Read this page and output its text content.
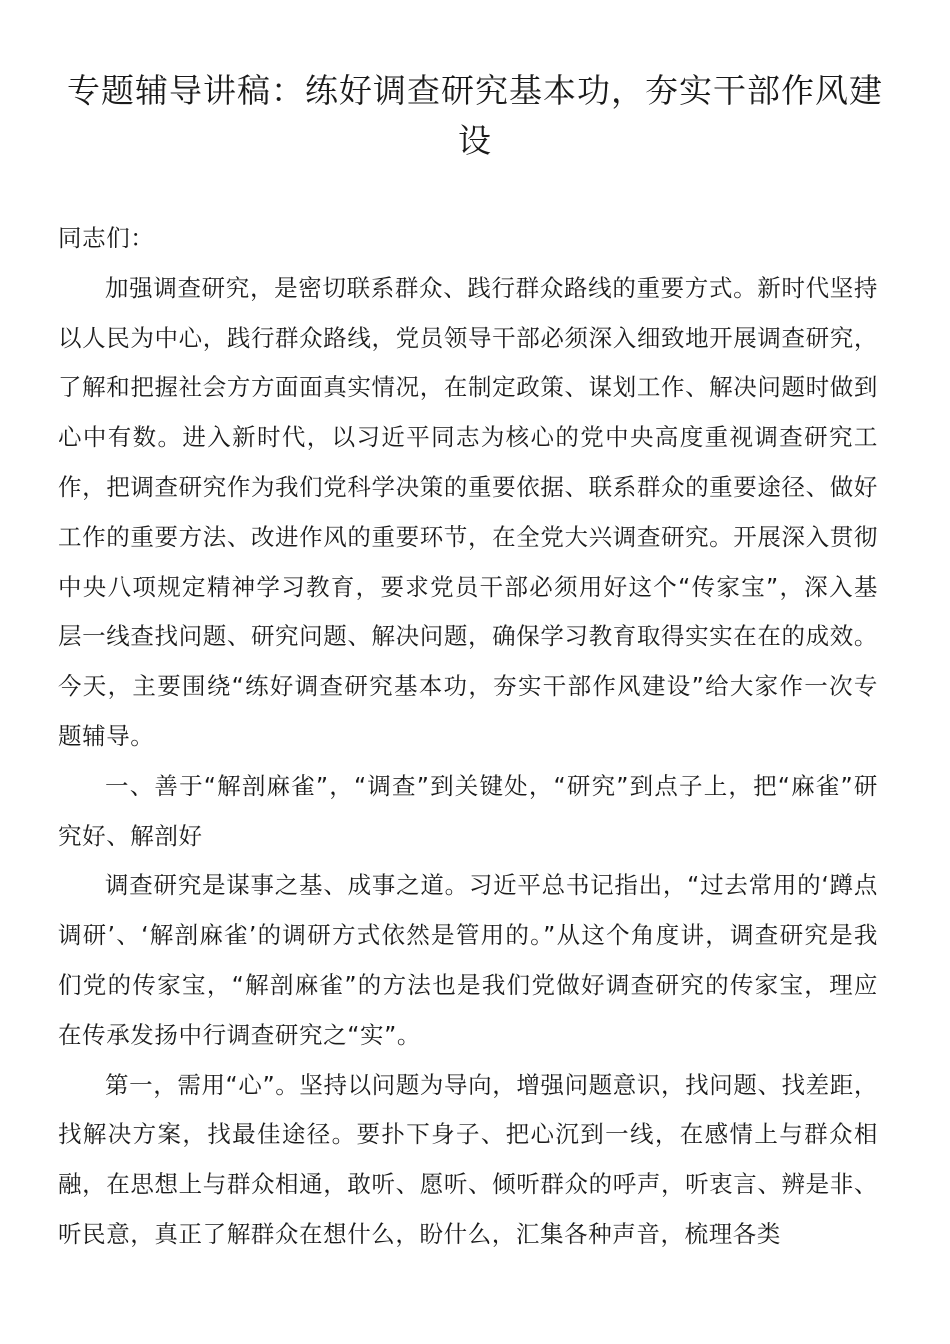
专题辅导讲稿：练好调查研究基本功，夯实干部作风建设

同志们：

加强调查研究，是密切联系群众、践行群众路线的重要方式。新时代坚持以人民为中心，践行群众路线，党员领导干部必须深入细致地开展调查研究，了解和把握社会方方面面真实情况，在制定政策、谋划工作、解决问题时做到心中有数。进入新时代，以习近平同志为核心的党中央高度重视调查研究工作，把调查研究作为我们党科学决策的重要依据、联系群众的重要途径、做好工作的重要方法、改进作风的重要环节，在全党大兴调查研究。开展深入贯彻中央八项规定精神学习教育，要求党员干部必须用好这个“传家宝”，深入基层一线查找问题、研究问题、解决问题，确保学习教育取得实实在在的成效。今天，主要围绕“练好调查研究基本功，夯实干部作风建设”给大家作一次专题辅导。

一、善于“解剖麻雀”，“调查”到关键处，“研究”到点子上，把“麻雀”研究好、解剖好

调查研究是谋事之基、成事之道。习近平总书记指出，“过去常用的‘蹲点调研’、‘解剖麻雀’的调研方式依然是管用的。”从这个角度讲，调查研究是我们党的传家宝，“解剖麻雀”的方法也是我们党做好调查研究的传家宝，理应在传承发扬中行调查研究之“实”。

第一，需用“心”。坚持以问题为导向，增强问题意识，找问题、找差距，找解决方案，找最佳途径。要扑下身子、把心沉到一线，在感情上与群众相融，在思想上与群众相通，敢听、愿听、倾听群众的呼声，听衷言、辨是非、听民意，真正了解群众在想什么，盼什么，汇集各种声音，梳理各类
